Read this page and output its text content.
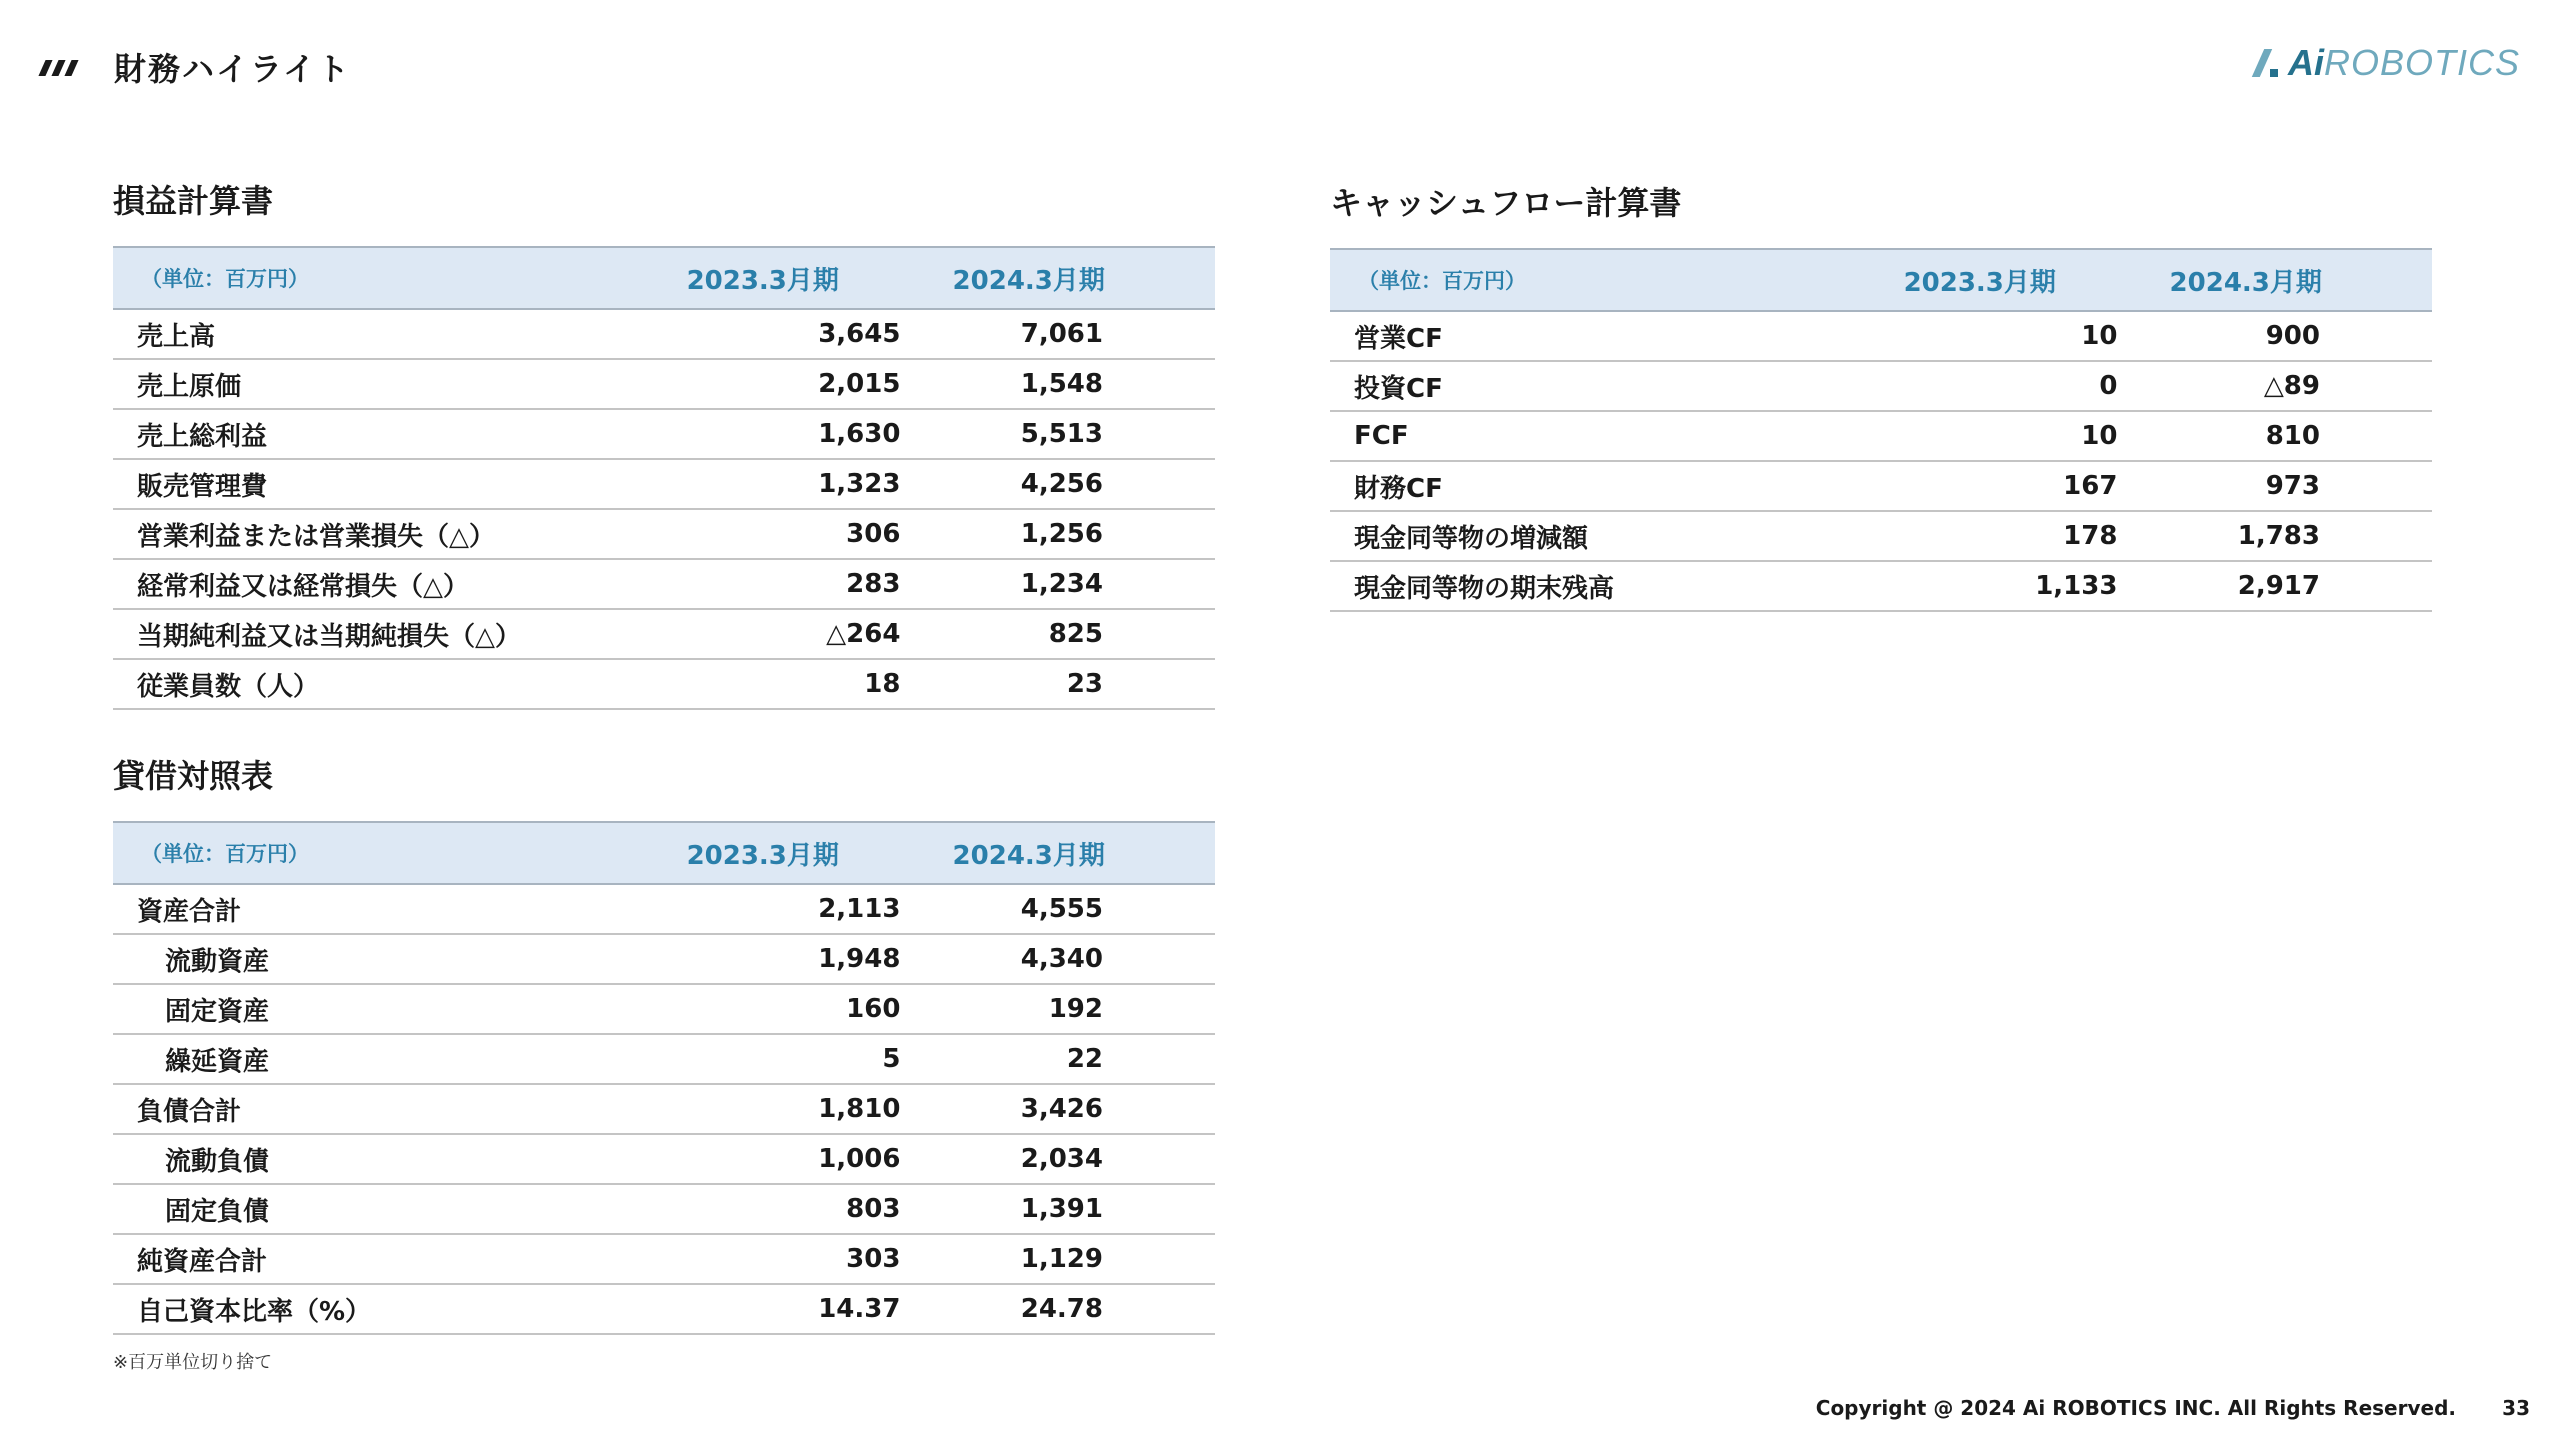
財務ハイライト	Ai ROBOTICS
損益計算書
（単位：百万円）	2023.3月期	2024.3月期
売上高	3,645	7,061
売上原価	2,015	1,548
売上総利益	1,630	5,513
販売管理費	1,323	4,256
営業利益または営業損失（△）	306	1,256
経常利益又は経常損失（△）	283	1,234
当期純利益又は当期純損失（△）	△264	825
従業員数（人）	18	23
貸借対照表
（単位：百万円）	2023.3月期	2024.3月期
資産合計	2,113	4,555
流動資産	1,948	4,340
固定資産	160	192
繰延資産	5	22
負債合計	1,810	3,426
流動負債	1,006	2,034
固定負債	803	1,391
純資産合計	303	1,129
自己資本比率（%）	14.37	24.78
キャッシュフロー計算書
（単位：百万円）	2023.3月期	2024.3月期
営業CF	10	900
投資CF	0	△89
FCF	10	810
財務CF	167	973
現金同等物の増減額	178	1,783
現金同等物の期末残高	1,133	2,917
※百万単位切り捨て
Copyright @ 2024 Ai ROBOTICS INC. All Rights Reserved. 33
